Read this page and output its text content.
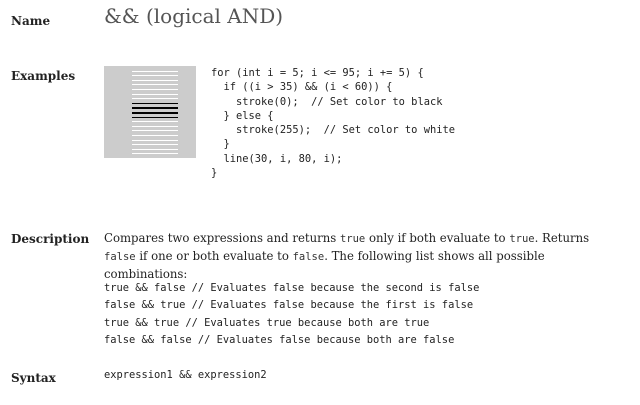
Name	&& (logical AND)
Examples	for (int i = 5; i <= 95; i += 5) {
if ((i > 35) && (i < 60)) {
stroke(0);  // Set color to black
} else {
stroke(255);  // Set color to white
}
line(30, i, 80, i);
}
Description Compares two expressions and returns true only if both evaluate to true. Returns false if one or both evaluate to false. The following list shows all possible combinations:
true && false // Evaluates false because the second is false
false && true // Evaluates false because the first is false
true && true // Evaluates true because both are true
false && false // Evaluates false because both are false
Syntax	expression1 && expression2
